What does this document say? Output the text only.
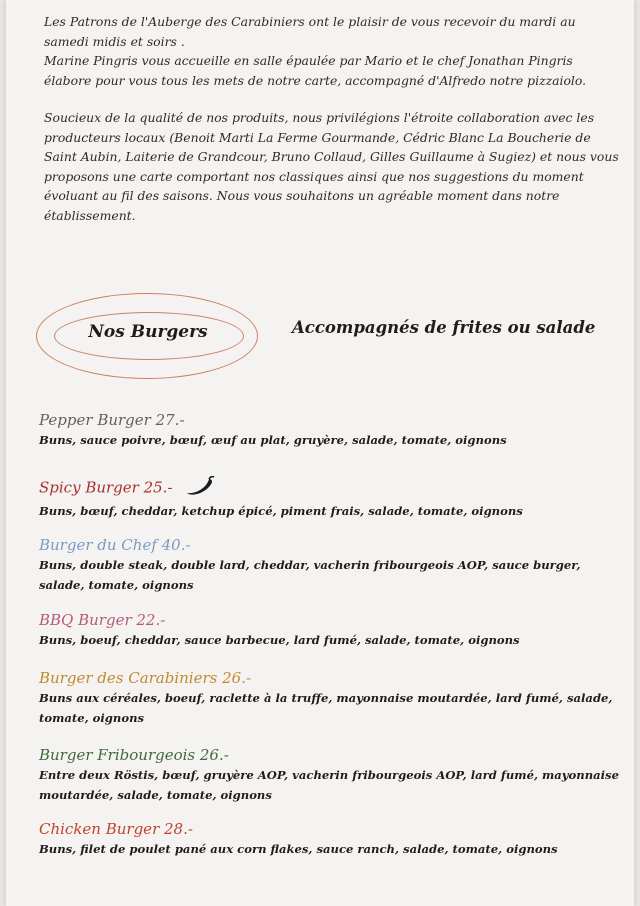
Les Patrons de l'Auberge des Carabiniers ont le plaisir de vous recevoir du mardi au samedi midis et soirs .

Marine Pingris vous accueille en salle épaulée par Mario et le chef Jonathan Pingris élabore pour vous tous les mets de notre carte, accompagné d'Alfredo notre pizzaiolo.

Soucieux de la qualité de nos produits, nous privilégions l'étroite collaboration avec les producteurs locaux (Benoit Marti La Ferme Gourmande, Cédric Blanc La Boucherie de Saint Aubin, Laiterie de Grandcour, Bruno Collaud, Gilles Guillaume à Sugiez) et nous vous proposons une carte comportant nos classiques ainsi que nos suggestions du moment évoluant au fil des saisons. Nous vous souhaitons un agréable moment dans notre établissement.

Nos Burgers	Accompagnés de frites ou salade
Pepper Burger 27.-
Buns, sauce poivre, bœuf, œuf au plat, gruyère, salade, tomate, oignons
Spicy Burger 25.-
Buns, bœuf, cheddar, ketchup épicé, piment frais, salade, tomate, oignons
Burger du Chef 40.-
Buns, double steak, double lard, cheddar, vacherin fribourgeois AOP, sauce burger, salade, tomate, oignons
BBQ Burger 22.-
Buns, boeuf, cheddar, sauce barbecue, lard fumé, salade, tomate, oignons
Burger des Carabiniers 26.-
Buns aux céréales, boeuf, raclette à la truffe, mayonnaise moutardée, lard fumé, salade, tomate, oignons
Burger Fribourgeois 26.-
Entre deux Röstis, bœuf, gruyère AOP, vacherin fribourgeois AOP, lard fumé, mayonnaise moutardée, salade, tomate, oignons
Chicken Burger 28.-
Buns, filet de poulet pané aux corn flakes, sauce ranch, salade, tomate, oignons
